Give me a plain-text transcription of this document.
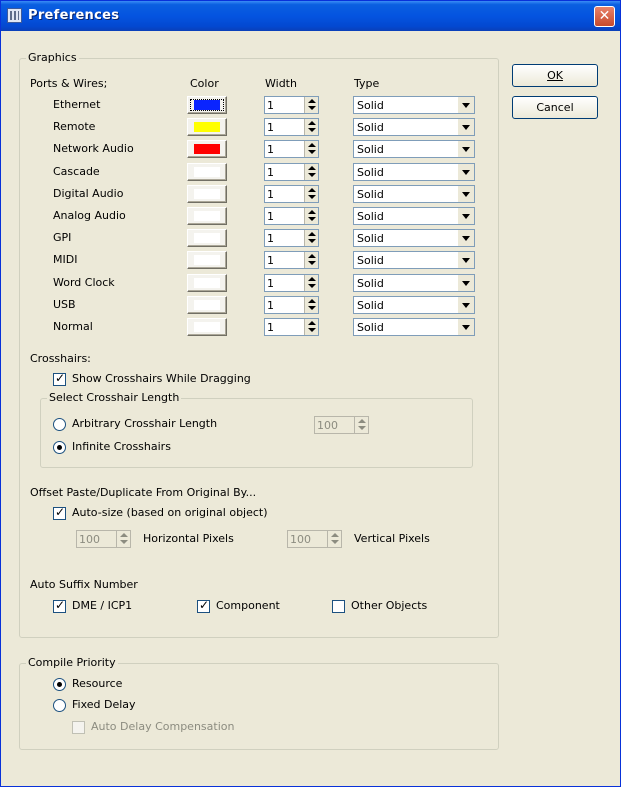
Preferences	✕
Graphics
Ports & Wires;	Color	Width	Type
Ethernet	1	Solid
Remote	1	Solid
Network Audio	1	Solid
Cascade	1	Solid
Digital Audio	1	Solid
Analog Audio	1	Solid
GPI	1	Solid
MIDI	1	Solid
Word Clock	1	Solid
USB	1	Solid
Normal	1	Solid
Crosshairs:
✓
Show Crosshairs While Dragging
Select Crosshair Length
Arbitrary Crosshair Length	100
Infinite Crosshairs
Offset Paste/Duplicate From Original By...
✓
Auto-size (based on original object)
100	Horizontal Pixels	100	Vertical Pixels
Auto Suffix Number
✓
DME / ICP1
✓	Component	Other Objects
Compile Priority
Resource
Fixed Delay
Auto Delay Compensation
OK
Cancel
